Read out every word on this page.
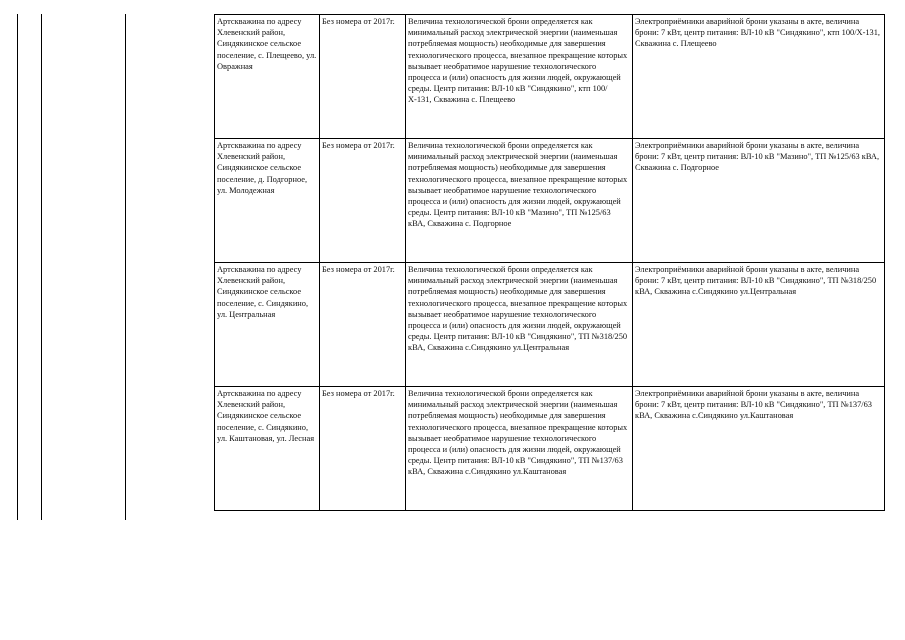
Артскважина по адресу Хлевенский район, Синдякинское сельское поселение, с. Плещеево, ул. Овражная	Без номера от 2017г.	Величина технологической брони определяется как минимальный расход электрической энергии (наименьшая потребляемая мощность) необходимые для завершения технологического процесса, внезапное прекращение которых вызывает необратимое нарушение технологического процесса и (или) опасность для жизни людей, окружающей среды. Центр питания: ВЛ-10 кВ "Синдякино", ктп 100/Х-131, Скважина с. Плещеево	Электроприёмники аварийной брони указаны в акте, величина брони: 7 кВт, центр питания: ВЛ-10 кВ "Синдякино", ктп 100/Х-131, Скважина с. Плещеево
Артскважина по адресу Хлевенский район, Синдякинское сельское поселение, д. Подгорное, ул. Молодежная	Без номера от 2017г.	Величина технологической брони определяется как минимальный расход электрической энергии (наименьшая потребляемая мощность) необходимые для завершения технологического процесса, внезапное прекращение которых вызывает необратимое нарушение технологического процесса и (или) опасность для жизни людей, окружающей среды. Центр питания: ВЛ-10 кВ "Мазино", ТП №125/63 кВА, Скважина с. Подгорное	Электроприёмники аварийной брони указаны в акте, величина брони: 7 кВт, центр питания: ВЛ-10 кВ "Мазино", ТП №125/63 кВА, Скважина с. Подгорное
Артскважина по адресу Хлевенский район, Синдякинское сельское поселение, с. Синдякино, ул. Центральная	Без номера от 2017г.	Величина технологической брони определяется как минимальный расход электрической энергии (наименьшая потребляемая мощность) необходимые для завершения технологического процесса, внезапное прекращение которых вызывает необратимое нарушение технологического процесса и (или) опасность для жизни людей, окружающей среды. Центр питания: ВЛ-10 кВ "Синдякино", ТП №318/250 кВА, Скважина с.Синдякино ул.Центральная	Электроприёмники аварийной брони указаны в акте, величина брони: 7 кВт, центр питания: ВЛ-10 кВ "Синдякино", ТП №318/250 кВА, Скважина с.Синдякино ул.Центральная
Артскважина по адресу Хлевенский район, Синдякинское сельское поселение, с. Синдякино, ул. Каштановая, ул. Лесная	Без номера от 2017г.	Величина технологической брони определяется как минимальный расход электрической энергии (наименьшая потребляемая мощность) необходимые для завершения технологического процесса, внезапное прекращение которых вызывает необратимое нарушение технологического процесса и (или) опасность для жизни людей, окружающей среды. Центр питания: ВЛ-10 кВ "Синдякино", ТП №137/63 кВА, Скважина с.Синдякино ул.Каштановая	Электроприёмники аварийной брони указаны в акте, величина брони: 7 кВт, центр питания: ВЛ-10 кВ "Синдякино", ТП №137/63 кВА, Скважина с.Синдякино ул.Каштановая
